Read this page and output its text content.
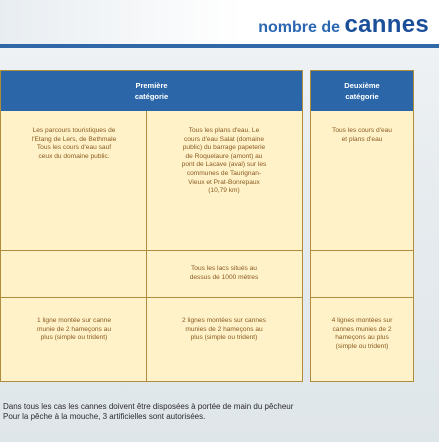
nombre de cannes
Première
catégorie
Les parcours touristiques de
l'Etang de Lers, de Bethmale
Tous les cours d'eau sauf
ceux du domaine public.
Tous les plans d'eau. Le
cours d'eau Salat (domaine
public) du barrage papeterie
de Roquelaure (amont) au
pont de Lacave (aval) sur les
communes de Taurignan-
Vieux et Prat-Bonrepaux
(10,79 km)
Tous les lacs situés au
dessus de 1000 mètres
1 ligne montée sur canne
munie de 2 hameçons au
plus (simple ou trident)
2 lignes montées sur cannes
munies de 2 hameçons au
plus (simple ou trident)
Deuxième
catégorie
Tous les cours d'eau
et plans d'eau
4 lignes montées sur
cannes munies de 2
hameçons au plus
(simple ou trident)
Dans tous les cas les cannes doivent être disposées à portée de main du pêcheur
Pour la pêche à la mouche, 3 artificielles sont autorisées.
